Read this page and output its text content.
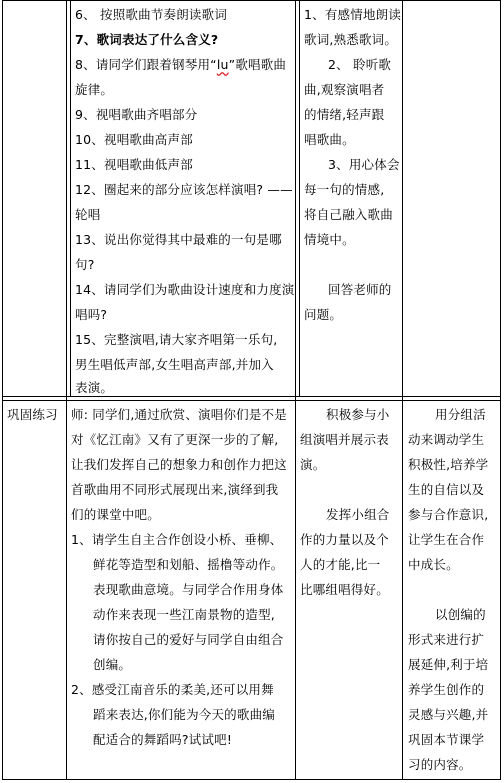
6、 按照歌曲节奏朗读歌词
7、歌词表达了什么含义?
8、请同学们跟着钢琴用“lu”歌唱歌曲
旋律。
9、视唱歌曲齐唱部分
10、视唱歌曲高声部
11、视唱歌曲低声部
12、圈起来的部分应该怎样演唱? ——
轮唱
13、说出你觉得其中最难的一句是哪
句?
14、请同学们为歌曲设计速度和力度演
唱吗?
15、完整演唱,请大家齐唱第一乐句,
男生唱低声部,女生唱高声部,并加入
表演。
1、有感情地朗读
歌词,熟悉歌词。
2、 聆听歌
曲,观察演唱者
的情绪,轻声跟
唱歌曲。
3、用心体会
每一句的情感,
将自己融入歌曲
情境中。
回答老师的
问题。
巩固练习 师: 同学们,通过欣赏、演唱你们是不是
对《忆江南》又有了更深一步的了解,
让我们发挥自己的想象力和创作力把这
首歌曲用不同形式展现出来,演绎到我
们的课堂中吧。
1、请学生自主合作创设小桥、垂柳、
鲜花等造型和划船、摇橹等动作。
表现歌曲意境。与同学合作用身体
动作来表现一些江南景物的造型,
请你按自己的爱好与同学自由组合
创编。
2、感受江南音乐的柔美,还可以用舞
蹈来表达,你们能为今天的歌曲编
配适合的舞蹈吗?试试吧!
积极参与小
组演唱并展示表
演。
发挥小组合
作的力量以及个
人的才能,比一
比哪组唱得好。
用分组活
动来调动学生
积极性,培养学
生的自信以及
参与合作意识,
让学生在合作
中成长。
以创编的
形式来进行扩
展延伸,利于培
养学生创作的
灵感与兴趣,并
巩固本节课学
习的内容。
